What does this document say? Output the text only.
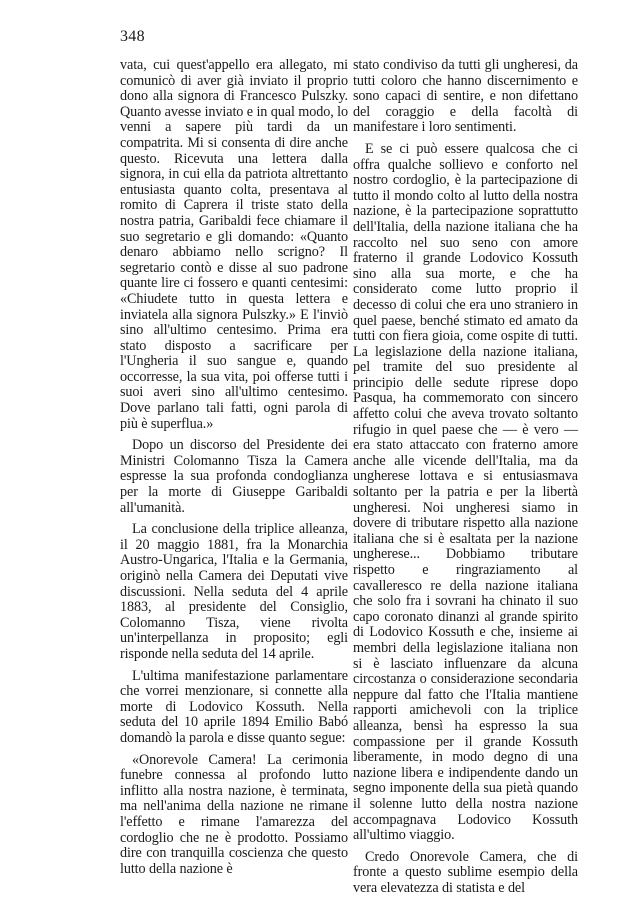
348

vata, cui quest'appello era allegato, mi comunicò di aver già inviato il proprio dono alla signora di Francesco Pulszky. Quanto avesse inviato e in qual modo, lo venni a sapere più tardi da un compatrita. Mi si consenta di dire anche questo. Ricevuta una lettera dalla signora, in cui ella da patriota altrettanto entusiasta quanto colta, presentava al romito di Caprera il triste stato della nostra patria, Garibaldi fece chiamare il suo segretario e gli domando: «Quanto denaro abbiamo nello scrigno? Il segretario contò e disse al suo padrone quante lire ci fossero e quanti centesimi: «Chiudete tutto in questa lettera e inviatela alla signora Pulszky.» E l'inviò sino all'ultimo centesimo. Prima era stato disposto a sacrificare per l'Ungheria il suo sangue e, quando occorresse, la sua vita, poi offerse tutti i suoi averi sino all'ultimo centesimo. Dove parlano tali fatti, ogni parola di più è superflua.»

Dopo un discorso del Presidente dei Ministri Colomanno Tisza la Camera espresse la sua profonda condoglianza per la morte di Giuseppe Garibaldi all'umanità.

La conclusione della triplice alleanza, il 20 maggio 1881, fra la Monarchia Austro-Ungarica, l'Italia e la Germania, originò nella Camera dei Deputati vive discussioni. Nella seduta del 4 aprile 1883, al presidente del Consiglio, Colomanno Tisza, viene rivolta un'interpellanza in proposito; egli risponde nella seduta del 14 aprile.

L'ultima manifestazione parlamentare che vorrei menzionare, si connette alla morte di Lodovico Kossuth. Nella seduta del 10 aprile 1894 Emilio Babó domandò la parola e disse quanto segue:

«Onorevole Camera! La cerimonia funebre connessa al profondo lutto inflitto alla nostra nazione, è terminata, ma nell'anima della nazione ne rimane l'effetto e rimane l'amarezza del cordoglio che ne è prodotto. Possiamo dire con tranquilla coscienza che questo lutto della nazione è

stato condiviso da tutti gli ungheresi, da tutti coloro che hanno discernimento e sono capaci di sentire, e non difettano del coraggio e della facoltà di manifestare i loro sentimenti.

E se ci può essere qualcosa che ci offra qualche sollievo e conforto nel nostro cordoglio, è la partecipazione di tutto il mondo colto al lutto della nostra nazione, è la partecipazione soprattutto dell'Italia, della nazione italiana che ha raccolto nel suo seno con amore fraterno il grande Lodovico Kossuth sino alla sua morte, e che ha considerato come lutto proprio il decesso di colui che era uno straniero in quel paese, benché stimato ed amato da tutti con fiera gioia, come ospite di tutti. La legislazione della nazione italiana, pel tramite del suo presidente al principio delle sedute riprese dopo Pasqua, ha commemorato con sincero affetto colui che aveva trovato soltanto rifugio in quel paese che — è vero — era stato attaccato con fraterno amore anche alle vicende dell'Italia, ma da ungherese lottava e si entusiasmava soltanto per la patria e per la libertà ungheresi. Noi ungheresi siamo in dovere di tributare rispetto alla nazione italiana che si è esaltata per la nazione ungherese... Dobbiamo tributare rispetto e ringraziamento al cavalleresco re della nazione italiana che solo fra i sovrani ha chinato il suo capo coronato dinanzi al grande spirito di Lodovico Kossuth e che, insieme ai membri della legislazione italiana non si è lasciato influenzare da alcuna circostanza o considerazione secondaria neppure dal fatto che l'Italia mantiene rapporti amichevoli con la triplice alleanza, bensì ha espresso la sua compassione per il grande Kossuth liberamente, in modo degno di una nazione libera e indipendente dando un segno imponente della sua pietà quando il solenne lutto della nostra nazione accompagnava Lodovico Kossuth all'ultimo viaggio.

Credo Onorevole Camera, che di fronte a questo sublime esempio della vera elevatezza di statista e del
